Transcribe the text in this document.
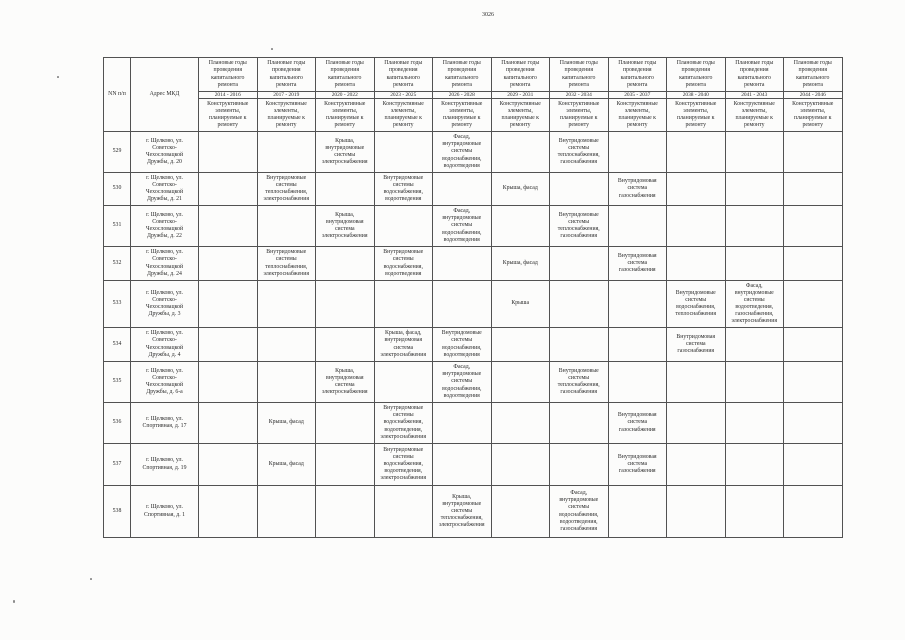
3026
NN п/п	Адрес МКД	Плановые годы проведения капитального ремонта	Плановые годы проведения капитального ремонта	Плановые годы проведения капитального ремонта	Плановые годы проведения капитального ремонта	Плановые годы проведения капитального ремонта	Плановые годы проведения капитального ремонта	Плановые годы проведения капитального ремонта	Плановые годы проведения капитального ремонта	Плановые годы проведения капитального ремонта	Плановые годы проведения капитального ремонта	Плановые годы проведения капитального ремонта
		2014 - 2016	2017 - 2019	2020 - 2022	2023 - 2025	2026 - 2028	2029 - 2031	2032 - 2034	2035 - 2037	2038 - 2040	2041 - 2043	2044 - 2046
		Конструктивные элементы, планируемые к ремонту	Конструктивные элементы, планируемые к ремонту	Конструктивные элементы, планируемые к ремонту	Конструктивные элементы, планируемые к ремонту	Конструктивные элементы, планируемые к ремонту	Конструктивные элементы, планируемые к ремонту	Конструктивные элементы, планируемые к ремонту	Конструктивные элементы, планируемые к ремонту	Конструктивные элементы, планируемые к ремонту	Конструктивные элементы, планируемые к ремонту	Конструктивные элементы, планируемые к ремонту
529	г. Щелково, ул. Советско-Чехословацкой Дружбы, д. 20			Крыша, внутридомовые системы электроснабжения		Фасад, внутридомовые системы водоснабжения, водоотведения		Внутридомовые системы теплоснабжения, газоснабжения				
530	г. Щелково, ул. Советско-Чехословацкой Дружбы, д. 21		Внутридомовые системы теплоснабжения, электроснабжения		Внутридомовые системы водоснабжения, водоотведения		Крыша, фасад		Внутридомовая система газоснабжения			
531	г. Щелково, ул. Советско-Чехословацкой Дружбы, д. 22			Крыша, внутридомовая система электроснабжения		Фасад, внутридомовые системы водоснабжения, водоотведения		Внутридомовые системы теплоснабжения, газоснабжения				
532	г. Щелково, ул. Советско-Чехословацкой Дружбы, д. 24		Внутридомовые системы теплоснабжения, электроснабжения		Внутридомовые системы водоснабжения, водоотведения		Крыша, фасад		Внутридомовая система газоснабжения			
533	г. Щелково, ул. Советско-Чехословацкой Дружбы, д. 3						Крыша			Внутридомовые системы водоснабжения, теплоснабжения	Фасад, внутридомовые системы водоотведения, газоснабжения, электроснабжения	
534	г. Щелково, ул. Советско-Чехословацкой Дружбы, д. 4				Крыша, фасад, внутридомовая система электроснабжения	Внутридомовые системы водоснабжения, водоотведения				Внутридомовая система газоснабжения		
535	г. Щелково, ул. Советско-Чехословацкой Дружбы, д. 6-а			Крыша, внутридомовая система электроснабжения		Фасад, внутридомовые системы водоснабжения, водоотведения		Внутридомовые системы теплоснабжения, газоснабжения				
536	г. Щелково, ул. Спортивная, д. 17		Крыша, фасад		Внутридомовые системы водоснабжения, водоотведения, электроснабжения				Внутридомовая система газоснабжения			
537	г. Щелково, ул. Спортивная, д. 19		Крыша, фасад		Внутридомовые системы водоснабжения, водоотведения, электроснабжения				Внутридомовая система газоснабжения			
538	г. Щелково, ул. Спортивная, д. 1					Крыша, внутридомовые системы теплоснабжения, электроснабжения		Фасад, внутридомовые системы водоснабжения, водоотведения, газоснабжения				
